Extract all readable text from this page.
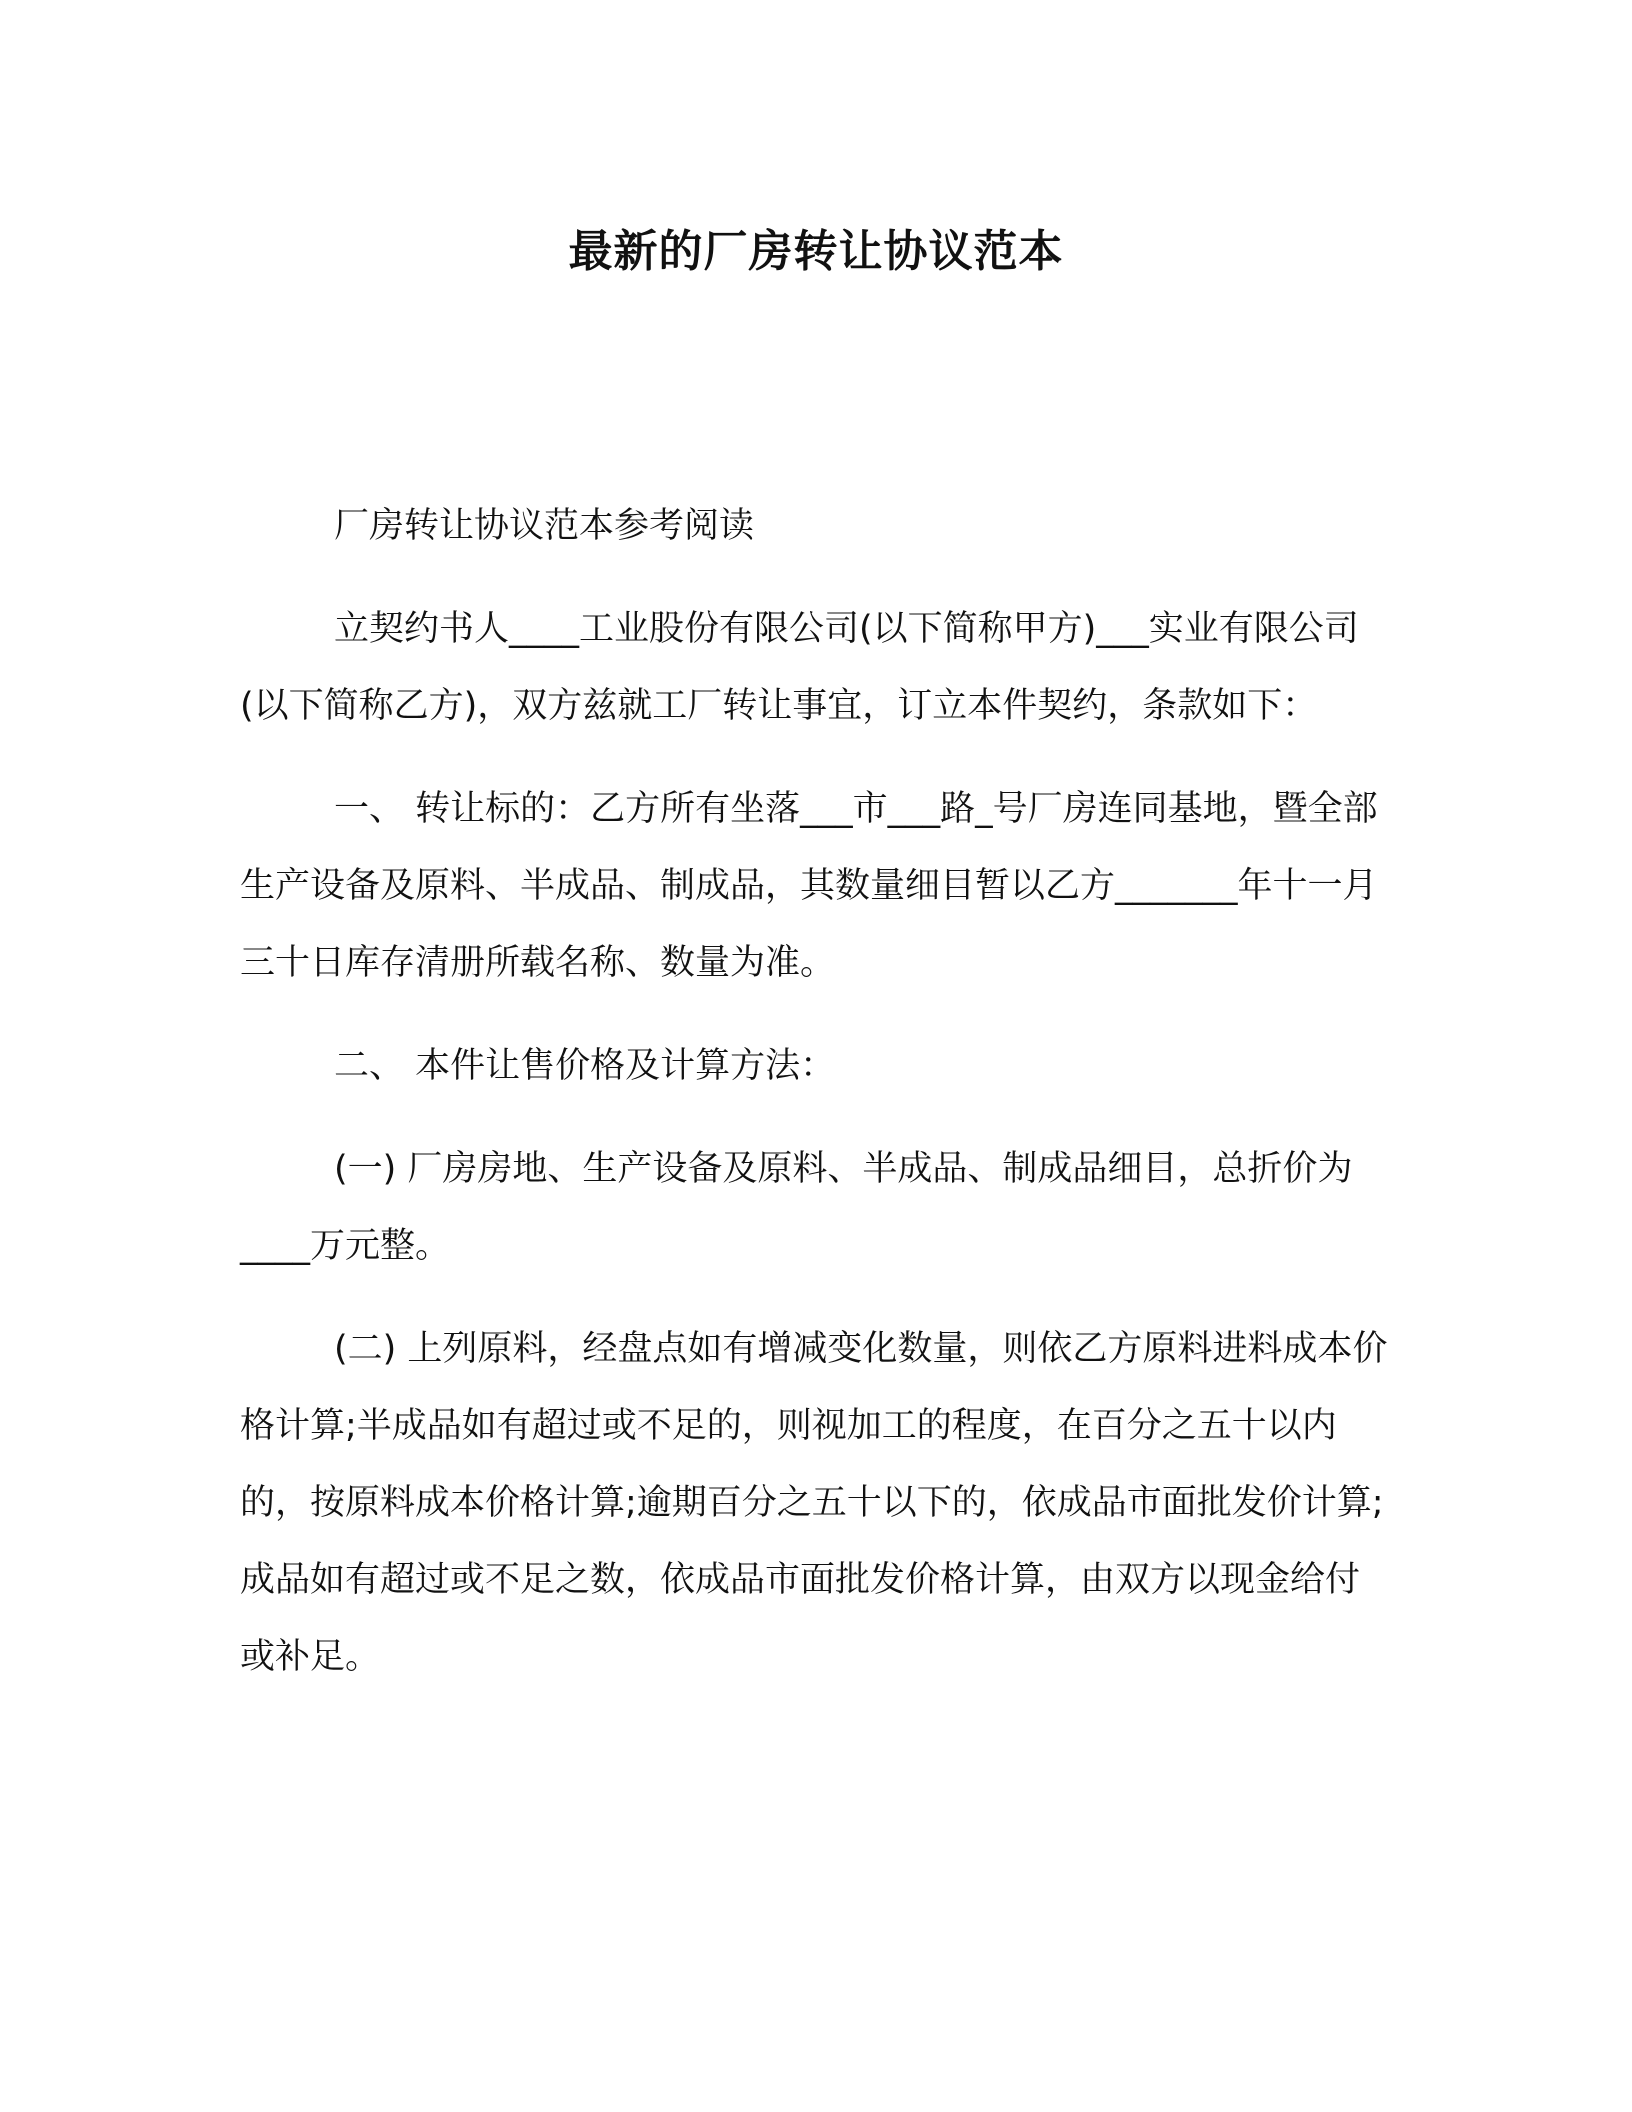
最新的厂房转让协议范本

厂房转让协议范本参考阅读

立契约书人____工业股份有限公司(以下简称甲方)___实业有限公司(以下简称乙方)，双方兹就工厂转让事宜，订立本件契约，条款如下：

一、 转让标的：乙方所有坐落___市___路_号厂房连同基地，暨全部生产设备及原料、半成品、制成品，其数量细目暂以乙方_______年十一月三十日库存清册所载名称、数量为准。

二、 本件让售价格及计算方法：

(一) 厂房房地、生产设备及原料、半成品、制成品细目，总折价为____万元整。

(二) 上列原料，经盘点如有增减变化数量，则依乙方原料进料成本价格计算;半成品如有超过或不足的，则视加工的程度，在百分之五十以内的，按原料成本价格计算;逾期百分之五十以下的，依成品市面批发价计算;成品如有超过或不足之数，依成品市面批发价格计算，由双方以现金给付或补足。
